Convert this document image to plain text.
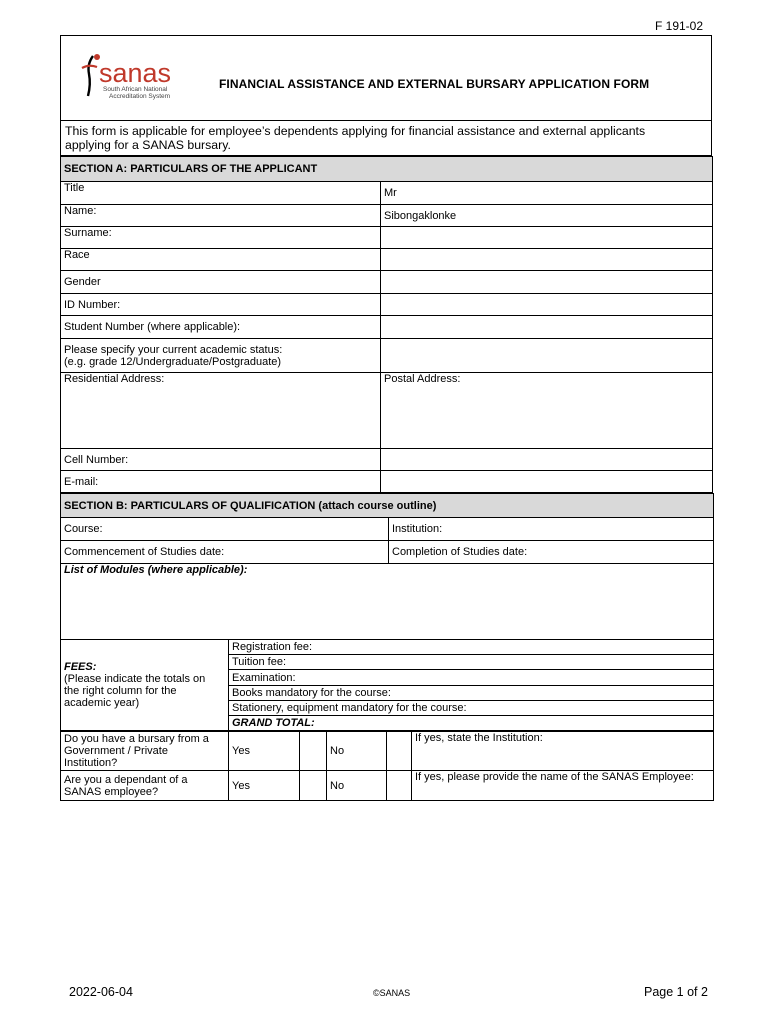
F 191-02
sanas
South African National
Accreditation System
FINANCIAL ASSISTANCE AND EXTERNAL BURSARY APPLICATION FORM
This form is applicable for employee’s dependents applying for financial assistance and external applicants
applying for a SANAS bursary.
SECTION A: PARTICULARS OF THE APPLICANT	
Title	Mr
Name:	Sibongaklonke
Surname:	
Race	
Gender	
ID Number:	
Student Number (where applicable):	

Please specify your current academic status:
(e.g. grade 12/Undergraduate/Postgraduate)	

Residential Address:	Postal Address:
Cell Number:	
E-mail:	
SECTION B: PARTICULARS OF QUALIFICATION (attach course outline)	
Course:	Institution:
Commencement of Studies date:	Completion of Studies date:
List of Modules (where applicable):	
FEES:
(Please indicate the totals on
the right column for the
academic year)
	Registration fee:
Tuition fee:
Examination:
Books mandatory for the course:
Stationery, equipment mandatory for the course:
GRAND TOTAL:
Do you have a bursary from a
Government / Private
Institution?	Yes		No		If yes, state the Institution:

Are you a dependant of a
SANAS employee?	Yes		No		If yes, please provide the name of the SANAS Employee:
2022-06-04	©SANAS	Page 1 of 2
